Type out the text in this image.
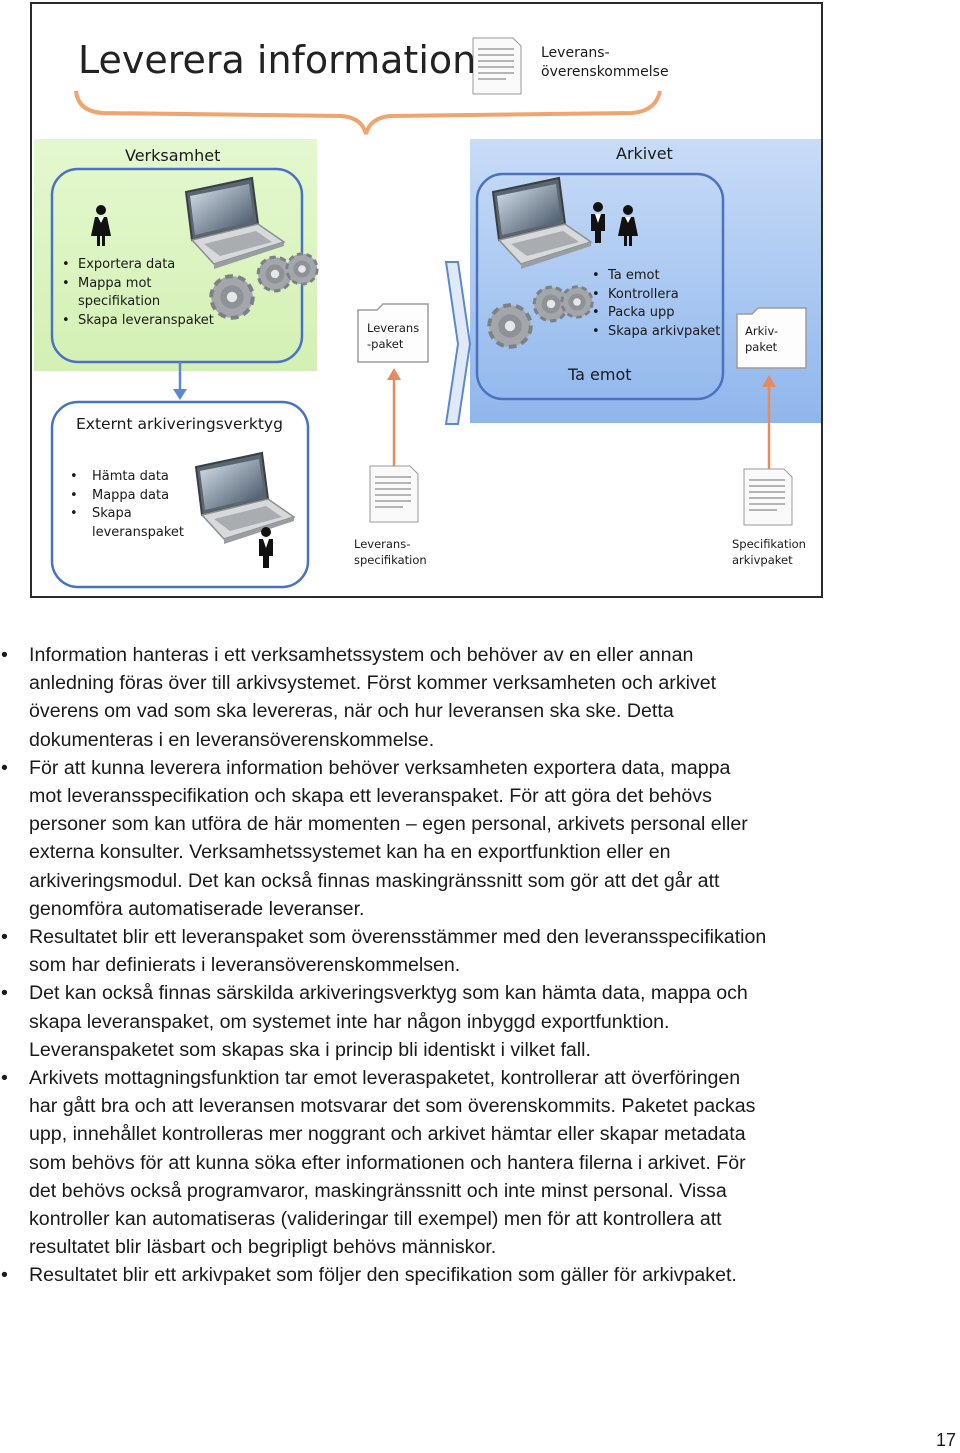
Leverera information	Leverans-
överenskommelse
Verksamhet
• Exportera data
• Mappa mot
specifikation
• Skapa leveranspaket
Arkivet
• Ta emot
• Kontrollera
• Packa upp
• Skapa arkivpaket
Ta emot
Externt arkiveringsverktyg
• Hämta data
• Mappa data
• Skapa
leveranspaket
Leverans
-paket
Arkiv-
paket
Leverans-
specifikation
Specifikation
arkivpaket
• Information hanteras i ett verksamhetssystem och behöver av en eller annan
anledning föras över till arkivsystemet. Först kommer verksamheten och arkivet
överens om vad som ska levereras, när och hur leveransen ska ske. Detta
dokumenteras i en leveransöverenskommelse.
• För att kunna leverera information behöver verksamheten exportera data, mappa
mot leveransspecifikation och skapa ett leveranspaket. För att göra det behövs
personer som kan utföra de här momenten – egen personal, arkivets personal eller
externa konsulter. Verksamhetssystemet kan ha en exportfunktion eller en
arkiveringsmodul. Det kan också finnas maskingränssnitt som gör att det går att
genomföra automatiserade leveranser.
• Resultatet blir ett leveranspaket som överensstämmer med den leveransspecifikation
som har definierats i leveransöverenskommelsen.
• Det kan också finnas särskilda arkiveringsverktyg som kan hämta data, mappa och
skapa leveranspaket, om systemet inte har någon inbyggd exportfunktion.
Leveranspaketet som skapas ska i princip bli identiskt i vilket fall.
• Arkivets mottagningsfunktion tar emot leveraspaketet, kontrollerar att överföringen
har gått bra och att leveransen motsvarar det som överenskommits. Paketet packas
upp, innehållet kontrolleras mer noggrant och arkivet hämtar eller skapar metadata
som behövs för att kunna söka efter informationen och hantera filerna i arkivet. För
det behövs också programvaror, maskingränssnitt och inte minst personal. Vissa
kontroller kan automatiseras (valideringar till exempel) men för att kontrollera att
resultatet blir läsbart och begripligt behövs människor.
• Resultatet blir ett arkivpaket som följer den specifikation som gäller för arkivpaket.
17
